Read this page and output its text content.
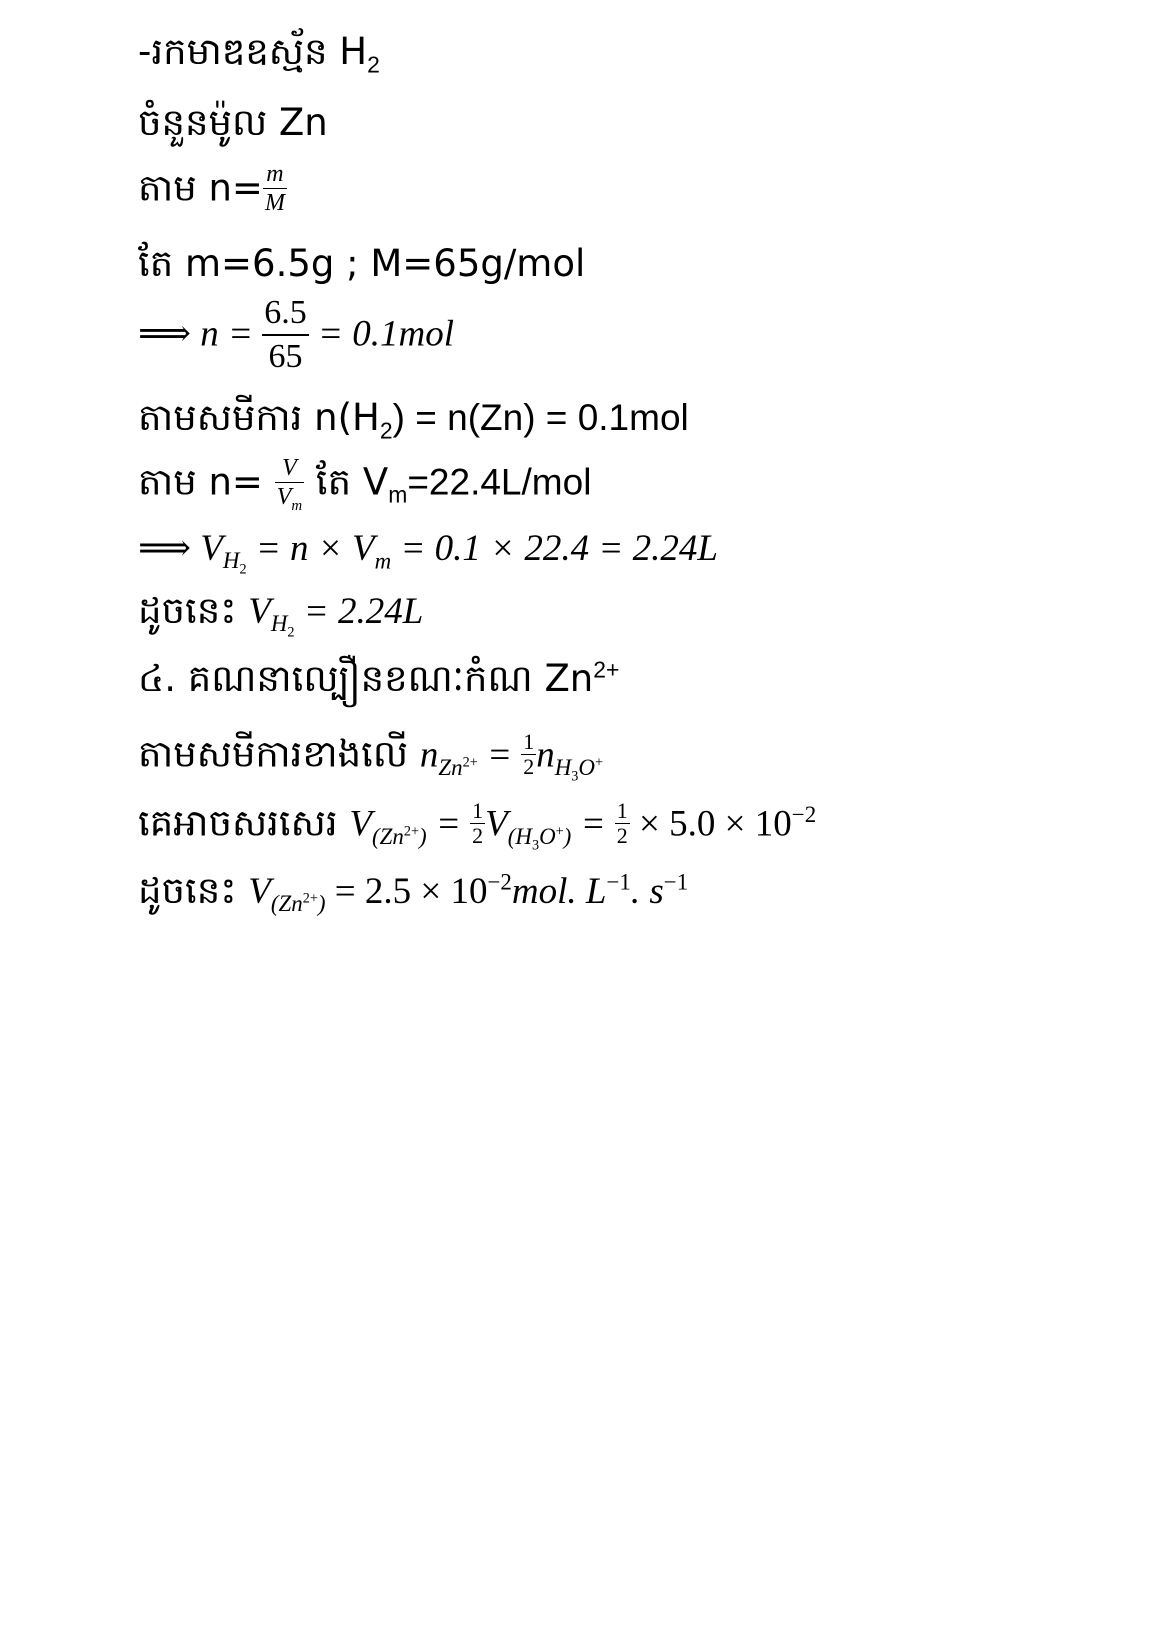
-រកមាឌឧស្ម័ន $H_2$
ចំនួនម៉ូល Zn
តាម $n= \frac{m}{M}$
តែ m=6.5g ; M=65g/mol
⟹ $n = \frac{6.5}{65} = 0.1mol$
តាមសមីការ $n(H_2) = n(Zn) = 0.1mol$
តាម $n= \frac{V}{V_m}$ តែ $V_m=22.4L$/mol
⟹ $V_{H_2} = n \times V_m = 0.1 \times 22.4 = 2.24L$
ដូចនេះ $V_{H_2} = 2.24L$
៤. គណនាល្បឿនខណៈកំណ $Zn^{2+}$
តាមសមីការខាងលើ $n_{Zn^{2+}} = \frac{1}{2} n_{H_3O^+}$
គេអាចសរសេរ $V_{(Zn^{2+})} = \frac{1}{2} V_{(H_3O^+)} = \frac{1}{2} \times 5.0 \times 10^{-2}$
ដូចនេះ $V_{(Zn^{2+})} = 2.5 \times 10^{-2}mol$. $L^{-1}$. $s^{-1}$
